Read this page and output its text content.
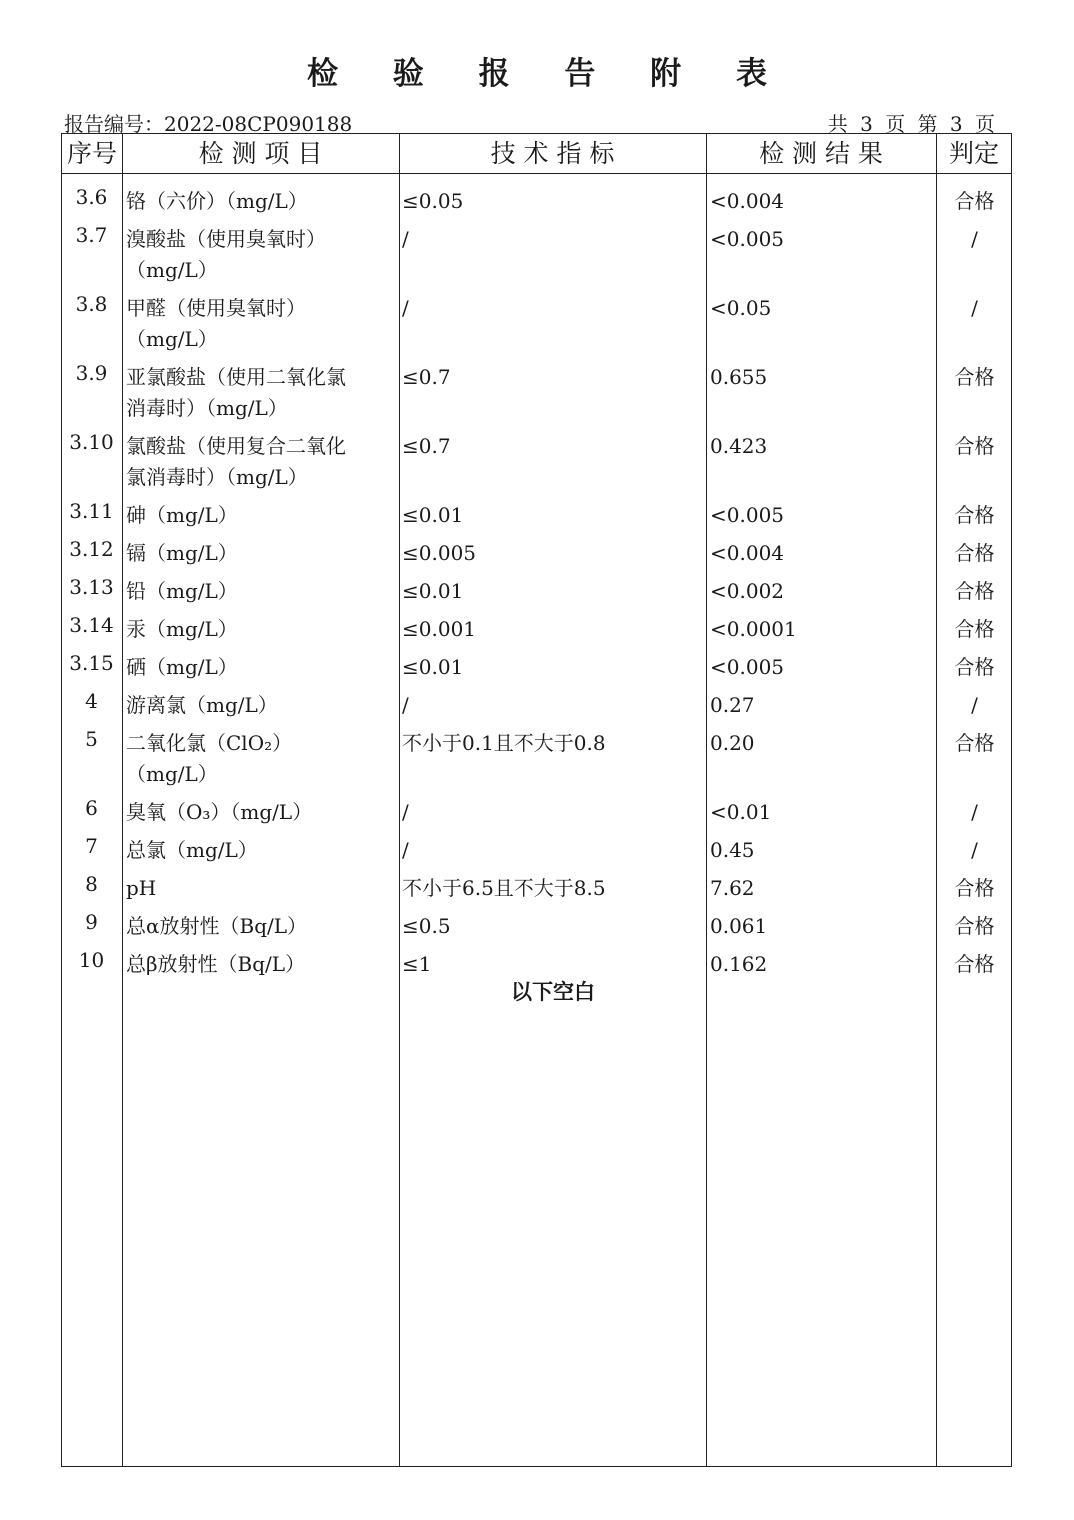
检 验 报 告 附 表
报告编号：2022-08CP090188	共 3 页 第 3 页
序号	检 测 项 目	技 术 指 标	检 测 结 果	判定
3.6 铬（六价）（mg/L）	≤0.05	<0.004	合格
3.7 溴酸盐（使用臭氧时）
（mg/L）
/	<0.005	/
3.8 甲醛（使用臭氧时）
（mg/L）
/	<0.05	/
3.9 亚氯酸盐（使用二氧化氯
消毒时）（mg/L）
≤0.7	0.655	合格
3.10 氯酸盐（使用复合二氧化
氯消毒时）（mg/L）
≤0.7	0.423	合格
3.11 砷（mg/L）	≤0.01	<0.005	合格
3.12 镉（mg/L）	≤0.005	<0.004	合格
3.13 铅（mg/L）	≤0.01	<0.002	合格
3.14 汞（mg/L）	≤0.001	<0.0001	合格
3.15 硒（mg/L）	≤0.01	<0.005	合格
4	游离氯（mg/L）	/	0.27	/
5	二氧化氯（ClO₂）
（mg/L）
不小于0.1且不大于0.8	0.20	合格
6	臭氧（O₃）（mg/L）	/	<0.01	/
7	总氯（mg/L）	/	0.45	/
8	pH	不小于6.5且不大于8.5	7.62	合格
9	总α放射性（Bq/L）	≤0.5	0.061	合格
10	总β放射性（Bq/L）	≤1	0.162	合格
以下空白
